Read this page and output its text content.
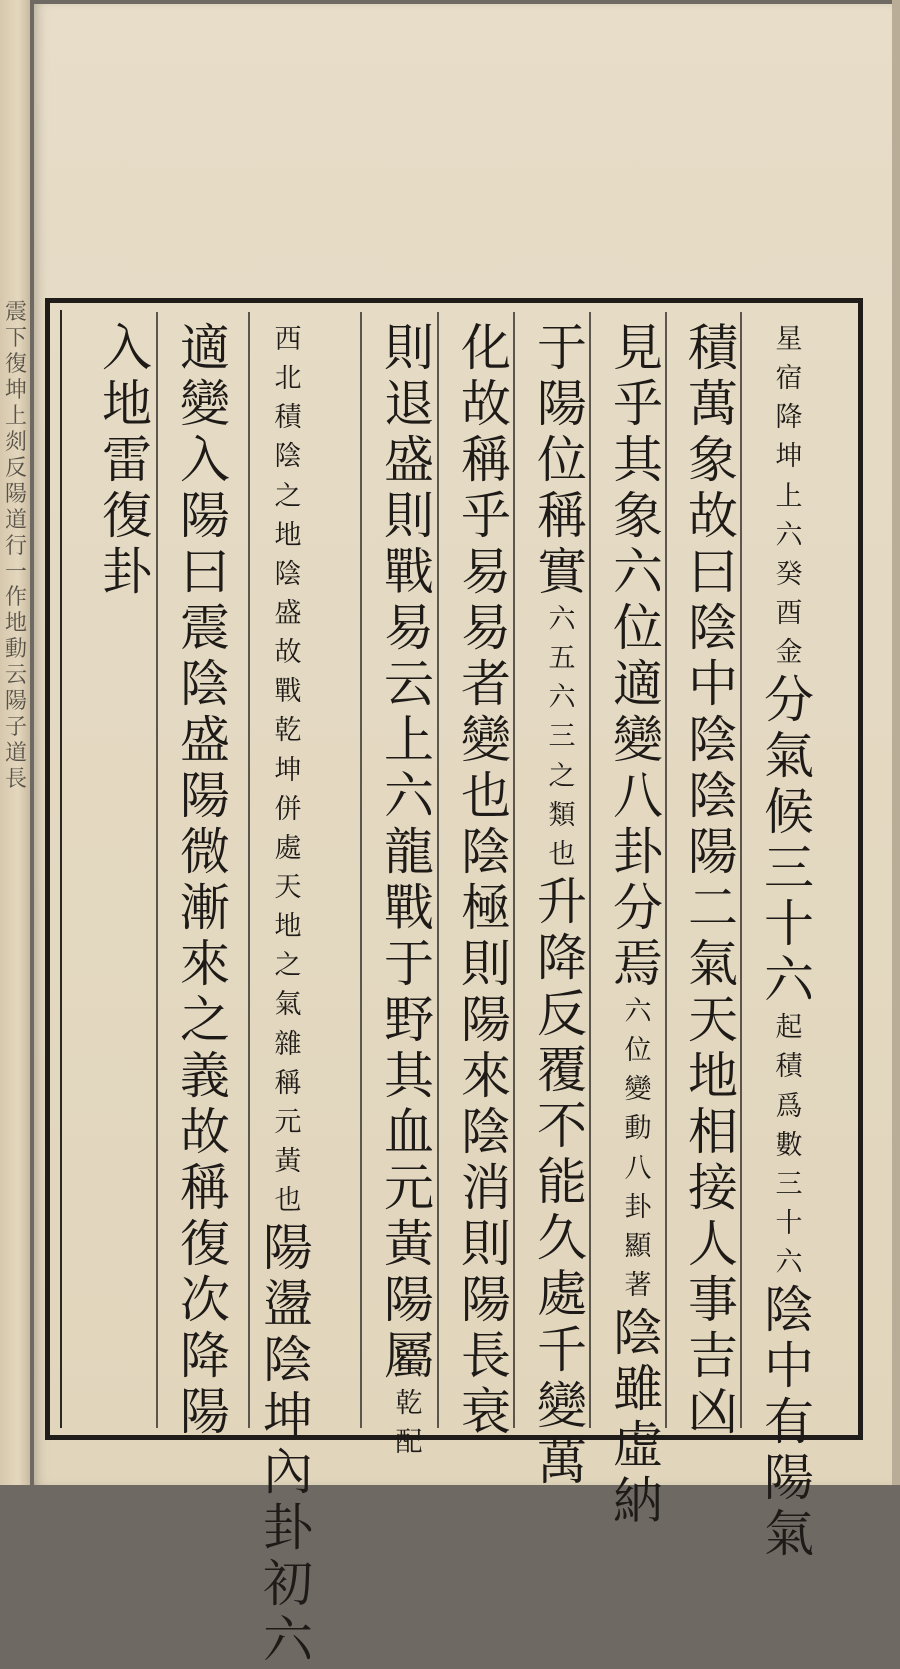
震
下
復
坤
上
剡
反
陽
道
行
一
作
地
動
云
陽
子
道
長
星宿降坤上
六癸酉金
分氣候三十六
起積爲數
三十六
陰中有陽氣
積萬象故曰陰中陰陰陽二氣天地相接人事吉凶
見乎其象六位適變八卦分焉
六位變動
八卦顯著
陰雖虛納
于陽位稱實
六五六三
之類也
升降反覆不能久處千變萬
化故稱乎易易者變也陰極則陽來陰消則陽長衰
則退盛則戰易云上六龍戰于野其血元黃陽屬
乾
配
西北積陰之地陰盛故戰乾坤
併處天地之氣雜稱元黃也
陽盪陰坤內卦初六
適變入陽曰震陰盛陽微漸來之義故稱復次降陽
入地雷復卦
